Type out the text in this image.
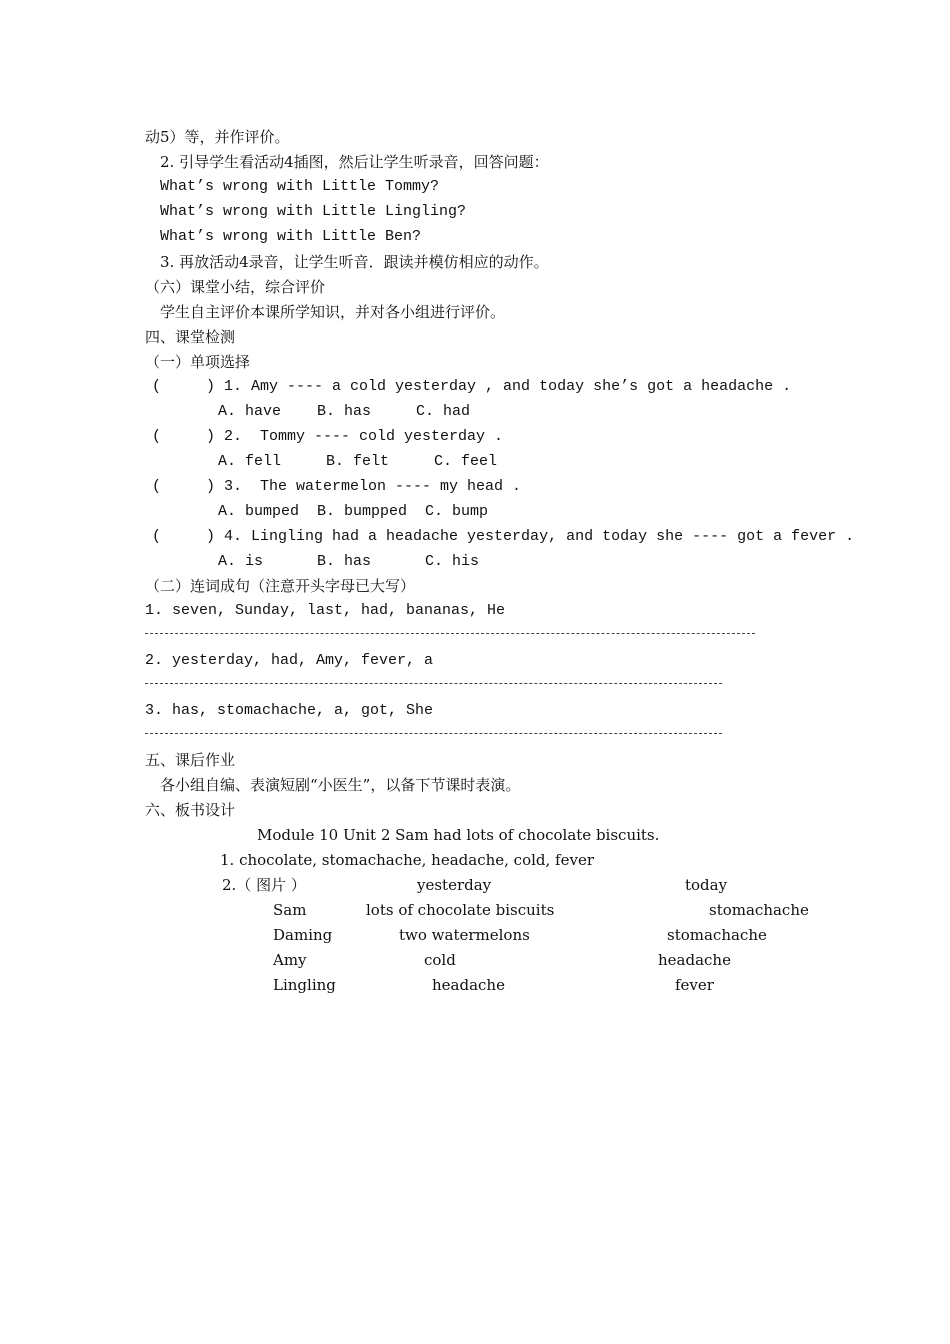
动5）等，并作评价。
2. 引导学生看活动4插图，然后让学生听录音，回答问题：
What’s wrong with Little Tommy?
What’s wrong with Little Lingling?
What’s wrong with Little Ben?
3. 再放活动4录音，让学生听音．跟读并模仿相应的动作。
（六）课堂小结，综合评价
学生自主评价本课所学知识，并对各小组进行评价。
四、课堂检测
（一）单项选择
(     ) 1. Amy ---- a cold yesterday , and today she’s got a headache .
A. have    B. has     C. had
(     ) 2.  Tommy ---- cold yesterday .
A. fell     B. felt     C. feel
(     ) 3.  The watermelon ---- my head .
A. bumped  B. bumpped  C. bump
(     ) 4. Lingling had a headache yesterday, and today she ---- got a fever .
A. is      B. has      C. his
（二）连词成句（注意开头字母已大写）
1. seven, Sunday, last, had, bananas, He
2. yesterday, had, Amy, fever, a
3. has, stomachache, a, got, She
五、课后作业
各小组自编、表演短剧“小医生”，以备下节课时表演。
六、板书设计
Module 10 Unit 2 Sam had lots of chocolate biscuits.
1. chocolate, stomachache, headache, cold, fever
2.（ 图片 ）	yesterday	today
Sam	lots of chocolate biscuits	stomachache
Daming	two watermelons	stomachache
Amy	cold	headache
Lingling	headache	fever
